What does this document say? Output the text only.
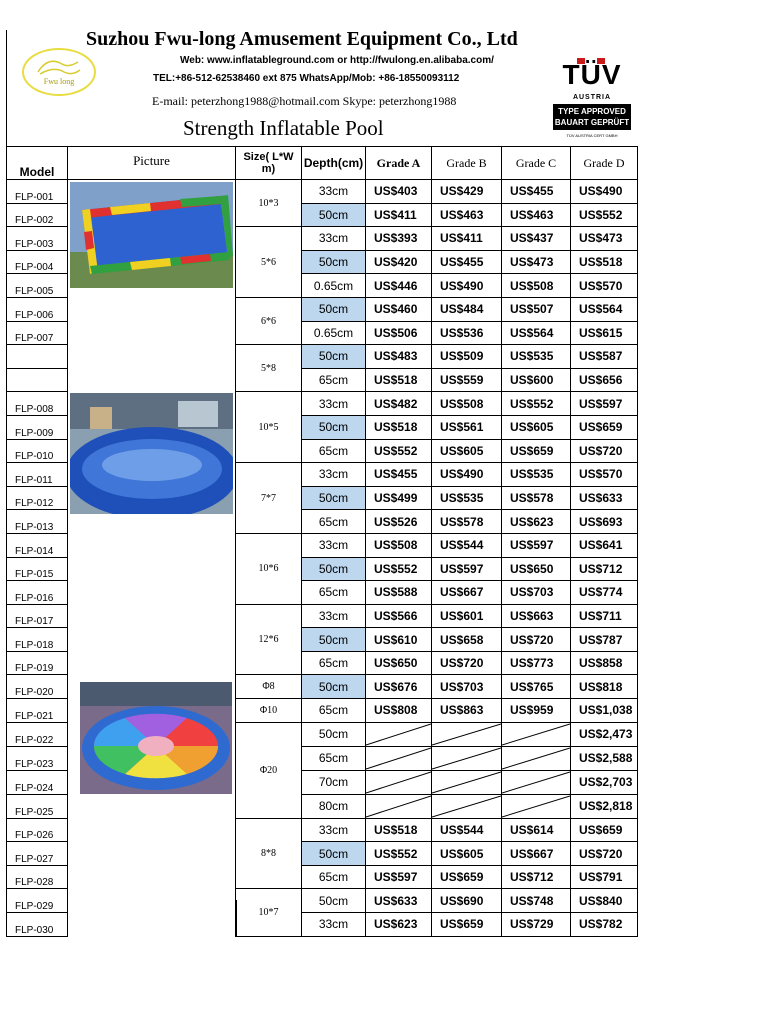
Fwu long
Suzhou Fwu-long Amusement Equipment Co., Ltd
Web: www.inflatableground.com or http://fwulong.en.alibaba.com/
TEL:+86-512-62538460 ext 875 WhatsApp/Mob: +86-18550093112
E-mail: peterzhong1988@hotmail.com Skype: peterzhong1988
Strength Inflatable Pool
TÜV
AUSTRIA
TYPE APPROVED
BAUART GEPRÜFT
TÜV AUSTRIA CERT GMBH
Model	Picture	Size( L*W m)	Depth(cm)	Grade A	Grade B	Grade C	Grade D
FLP-001		10*3	33cm	US$403	US$429	US$455	US$490
FLP-002			50cm	US$411	US$463	US$463	US$552
FLP-003		5*6	33cm	US$393	US$411	US$437	US$473
FLP-004			50cm	US$420	US$455	US$473	US$518
FLP-005			0.65cm	US$446	US$490	US$508	US$570
FLP-006		6*6	50cm	US$460	US$484	US$507	US$564
FLP-007			0.65cm	US$506	US$536	US$564	US$615
		5*8	50cm	US$483	US$509	US$535	US$587
			65cm	US$518	US$559	US$600	US$656
FLP-008		10*5	33cm	US$482	US$508	US$552	US$597
FLP-009			50cm	US$518	US$561	US$605	US$659
FLP-010			65cm	US$552	US$605	US$659	US$720
FLP-011		7*7	33cm	US$455	US$490	US$535	US$570
FLP-012			50cm	US$499	US$535	US$578	US$633
FLP-013			65cm	US$526	US$578	US$623	US$693
FLP-014		10*6	33cm	US$508	US$544	US$597	US$641
FLP-015			50cm	US$552	US$597	US$650	US$712
FLP-016			65cm	US$588	US$667	US$703	US$774
FLP-017		12*6	33cm	US$566	US$601	US$663	US$711
FLP-018			50cm	US$610	US$658	US$720	US$787
FLP-019			65cm	US$650	US$720	US$773	US$858
FLP-020		Φ8	50cm	US$676	US$703	US$765	US$818
FLP-021		Φ10	65cm	US$808	US$863	US$959	US$1,038
FLP-022		Φ20	50cm				US$2,473
FLP-023			65cm				US$2,588
FLP-024			70cm				US$2,703
FLP-025			80cm				US$2,818
FLP-026		8*8	33cm	US$518	US$544	US$614	US$659
FLP-027			50cm	US$552	US$605	US$667	US$720
FLP-028			65cm	US$597	US$659	US$712	US$791
FLP-029		10*7	50cm	US$633	US$690	US$748	US$840
FLP-030			33cm	US$623	US$659	US$729	US$782
